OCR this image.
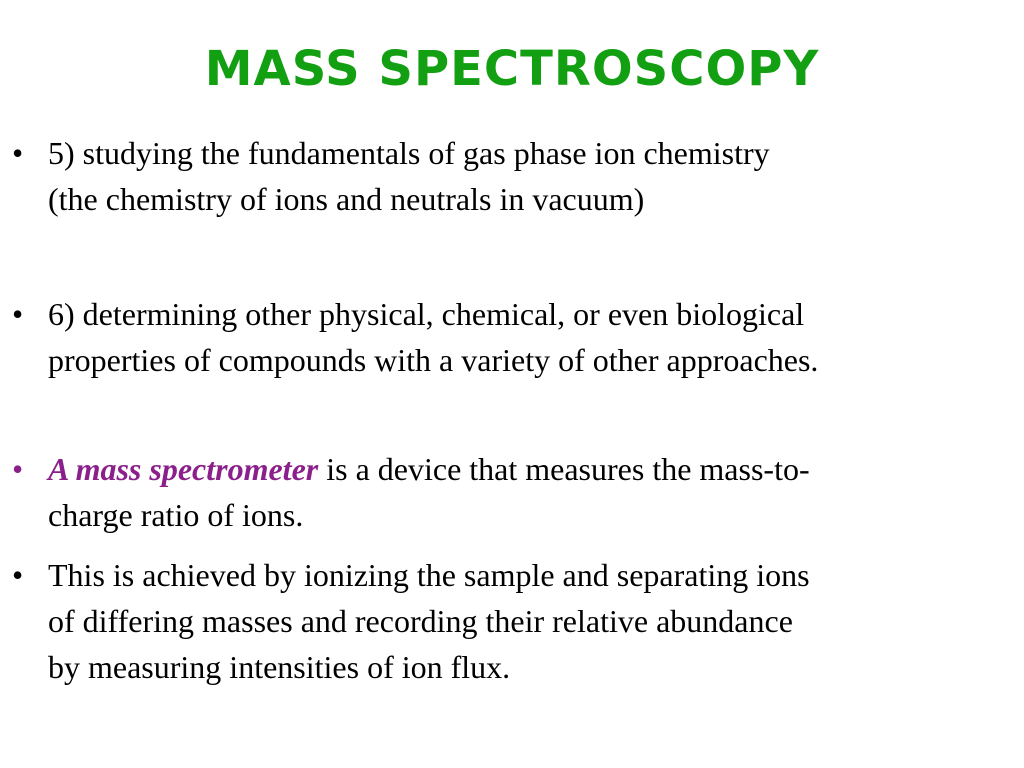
MASS SPECTROSCOPY
• 5) studying the fundamentals of gas phase ion chemistry
(the chemistry of ions and neutrals in vacuum)
• 6) determining other physical, chemical, or even biological
properties of compounds with a variety of other approaches.
• A mass spectrometer is a device that measures the mass-to-
charge ratio of ions.
• This is achieved by ionizing the sample and separating ions
of differing masses and recording their relative abundance
by measuring intensities of ion flux.
